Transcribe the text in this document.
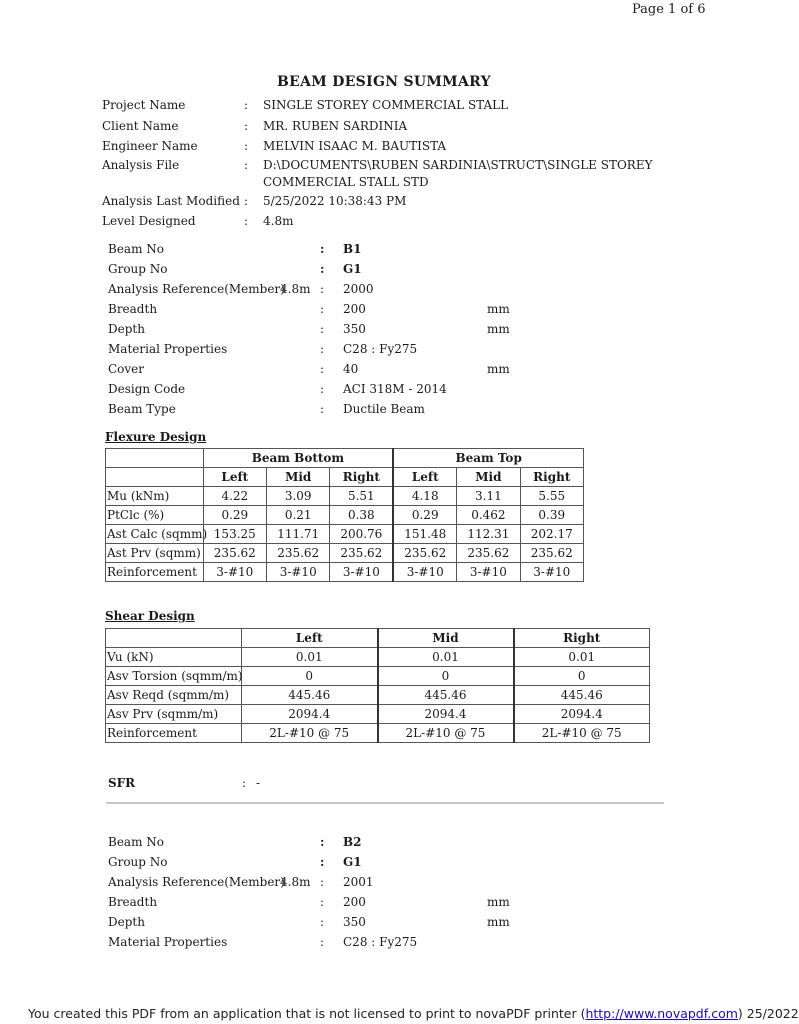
Page 1 of 6
BEAM DESIGN SUMMARY
Project Name	: SINGLE STOREY COMMERCIAL STALL
Client Name	: MR. RUBEN SARDINIA
Engineer Name	: MELVIN ISAAC M. BAUTISTA
Analysis File	: D:\DOCUMENTS\RUBEN SARDINIA\STRUCT\SINGLE STOREY
COMMERCIAL STALL STD
Analysis Last Modified : 5/25/2022 10:38:43 PM
Level Designed	: 4.8m
Beam No	: B1
Group No	: G1
Analysis Reference(Member)
4.8m : 2000
Breadth	: 200	mm
Depth	: 350	mm
Material Properties	: C28 : Fy275
Cover	: 40	mm
Design Code	: ACI 318M - 2014
Beam Type	: Ductile Beam
Flexure Design
	Beam Bottom			Beam Top		
	Left	Mid	Right	Left	Mid	Right
Mu (kNm)	4.22	3.09	5.51	4.18	3.11	5.55
PtClc (%)	0.29	0.21	0.38	0.29	0.462	0.39
Ast Calc (sqmm)	153.25	111.71	200.76	151.48	112.31	202.17
Ast Prv (sqmm)	235.62	235.62	235.62	235.62	235.62	235.62
Reinforcement	3-#10	3-#10	3-#10	3-#10	3-#10	3-#10
Shear Design
	Left	Mid	Right
Vu (kN)	0.01	0.01	0.01
Asv Torsion (sqmm/m)	0	0	0
Asv Reqd (sqmm/m)	445.46	445.46	445.46
Asv Prv (sqmm/m)	2094.4	2094.4	2094.4
Reinforcement	2L-#10 @ 75	2L-#10 @ 75	2L-#10 @ 75
SFR	: -
Beam No	: B2
Group No	: G1
Analysis Reference(Member)
4.8m : 2001
Breadth	: 200	mm
Depth	: 350	mm
Material Properties	: C28 : Fy275
You created this PDF from an application that is not licensed to print to novaPDF printer (http://www.novapdf.com) 25/2022
